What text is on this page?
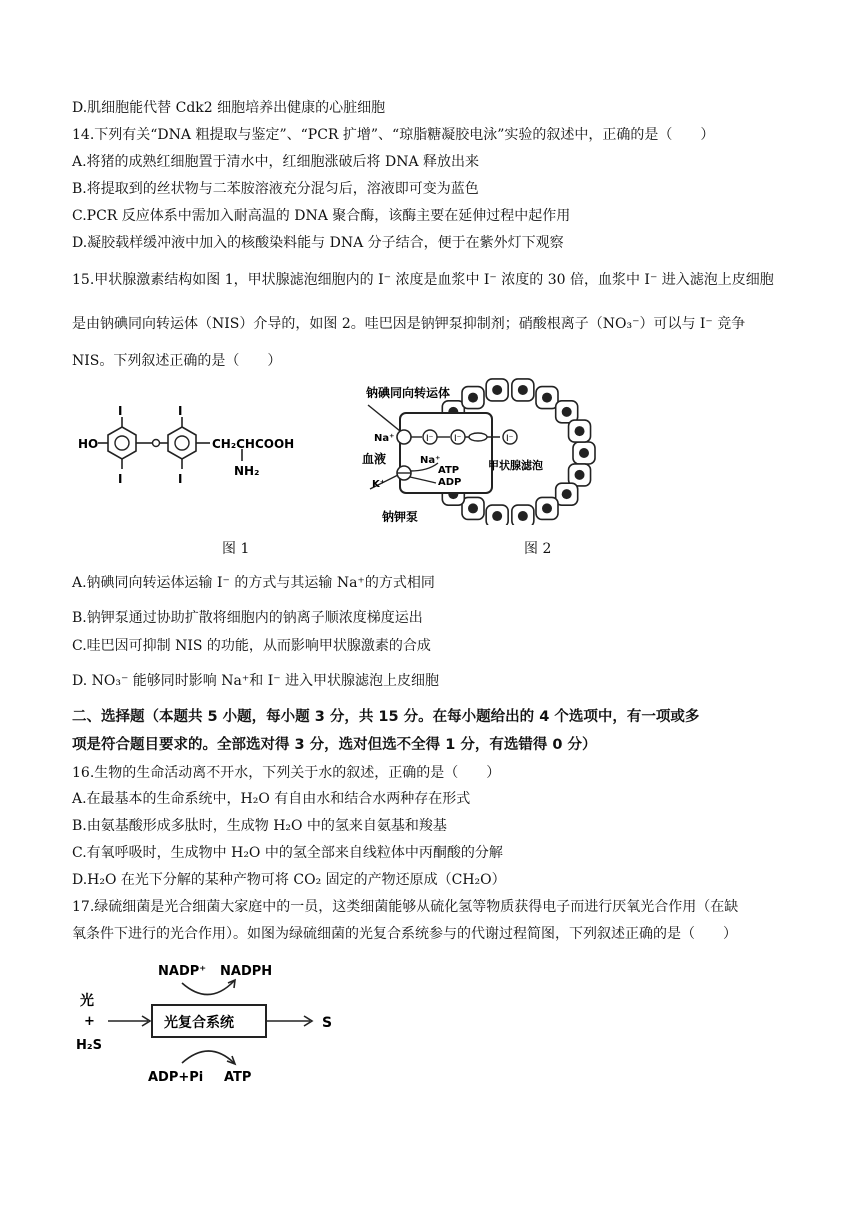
D.肌细胞能代替 Cdk2 细胞培养出健康的心脏细胞
14.下列有关“DNA 粗提取与鉴定”、“PCR 扩增”、“琼脂糖凝胶电泳”实验的叙述中，正确的是（　　）
A.将猪的成熟红细胞置于清水中，红细胞涨破后将 DNA 释放出来
B.将提取到的丝状物与二苯胺溶液充分混匀后，溶液即可变为蓝色
C.PCR 反应体系中需加入耐高温的 DNA 聚合酶，该酶主要在延伸过程中起作用
D.凝胶载样缓冲液中加入的核酸染料能与 DNA 分子结合，便于在紫外灯下观察
15.甲状腺激素结构如图 1，甲状腺滤泡细胞内的 I⁻ 浓度是血浆中 I⁻ 浓度的 30 倍，血浆中 I⁻ 进入滤泡上皮细胞
是由钠碘同向转运体（NIS）介导的，如图 2。哇巴因是钠钾泵抑制剂；硝酸根离子（NO₃⁻）可以与 I⁻ 竞争
NIS。下列叙述正确的是（　　）
I	I
HO
I	I
CH₂CHCOOH
NH₂
I⁻ I⁻	I⁻
钠碘同向转运体
Na⁺
血液
K⁺
Na⁺
ATP
ADP
甲状腺滤泡
钠钾泵
图 1	图 2
A.钠碘同向转运体运输 I⁻ 的方式与其运输 Na⁺的方式相同
B.钠钾泵通过协助扩散将细胞内的钠离子顺浓度梯度运出
C.哇巴因可抑制 NIS 的功能，从而影响甲状腺激素的合成
D. NO₃⁻ 能够同时影响 Na⁺和 I⁻ 进入甲状腺滤泡上皮细胞
二、选择题（本题共 5 小题，每小题 3 分，共 15 分。在每小题给出的 4 个选项中，有一项或多
项是符合题目要求的。全部选对得 3 分，选对但选不全得 1 分，有选错得 0 分）
16.生物的生命活动离不开水，下列关于水的叙述，正确的是（　　）
A.在最基本的生命系统中，H₂O 有自由水和结合水两种存在形式
B.由氨基酸形成多肽时，生成物 H₂O 中的氢来自氨基和羧基
C.有氧呼吸时，生成物中 H₂O 中的氢全部来自线粒体中丙酮酸的分解
D.H₂O 在光下分解的某种产物可将 CO₂ 固定的产物还原成（CH₂O）
17.绿硫细菌是光合细菌大家庭中的一员，这类细菌能够从硫化氢等物质获得电子而进行厌氧光合作用（在缺
氧条件下进行的光合作用）。如图为绿硫细菌的光复合系统参与的代谢过程简图，下列叙述正确的是（　　）
NADP⁺ NADPH
光
+
H₂S
光复合系统	S
ADP+Pi ATP
